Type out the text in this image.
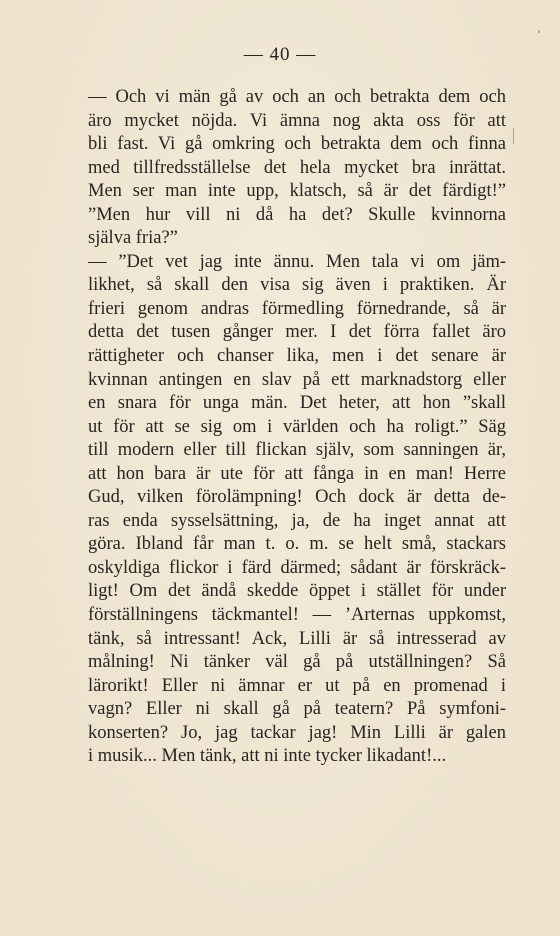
— 40 —
— Och vi män gå av och an och betrakta dem och
äro mycket nöjda. Vi ämna nog akta oss för att
bli fast. Vi gå omkring och betrakta dem och finna
med tillfredsställelse det hela mycket bra inrättat.
Men ser man inte upp, klatsch, så är det färdigt!”
”Men hur vill ni då ha det? Skulle kvinnorna
själva fria?”
— ”Det vet jag inte ännu. Men tala vi om jäm-
likhet, så skall den visa sig även i praktiken. Är
frieri genom andras förmedling förnedrande, så är
detta det tusen gånger mer. I det förra fallet äro
rättigheter och chanser lika, men i det senare är
kvinnan antingen en slav på ett marknadstorg eller
en snara för unga män. Det heter, att hon ”skall
ut för att se sig om i världen och ha roligt.” Säg
till modern eller till flickan själv, som sanningen är,
att hon bara är ute för att fånga in en man! Herre
Gud, vilken förolämpning! Och dock är detta de-
ras enda sysselsättning, ja, de ha inget annat att
göra. Ibland får man t. o. m. se helt små, stackars
oskyldiga flickor i färd därmed; sådant är förskräck-
ligt! Om det ändå skedde öppet i stället för under
förställningens täckmantel! — ’Arternas uppkomst,
tänk, så intressant! Ack, Lilli är så intresserad av
målning! Ni tänker väl gå på utställningen? Så
lärorikt! Eller ni ämnar er ut på en promenad i
vagn? Eller ni skall gå på teatern? På symfoni-
konserten? Jo, jag tackar jag! Min Lilli är galen
i musik... Men tänk, att ni inte tycker likadant!...
